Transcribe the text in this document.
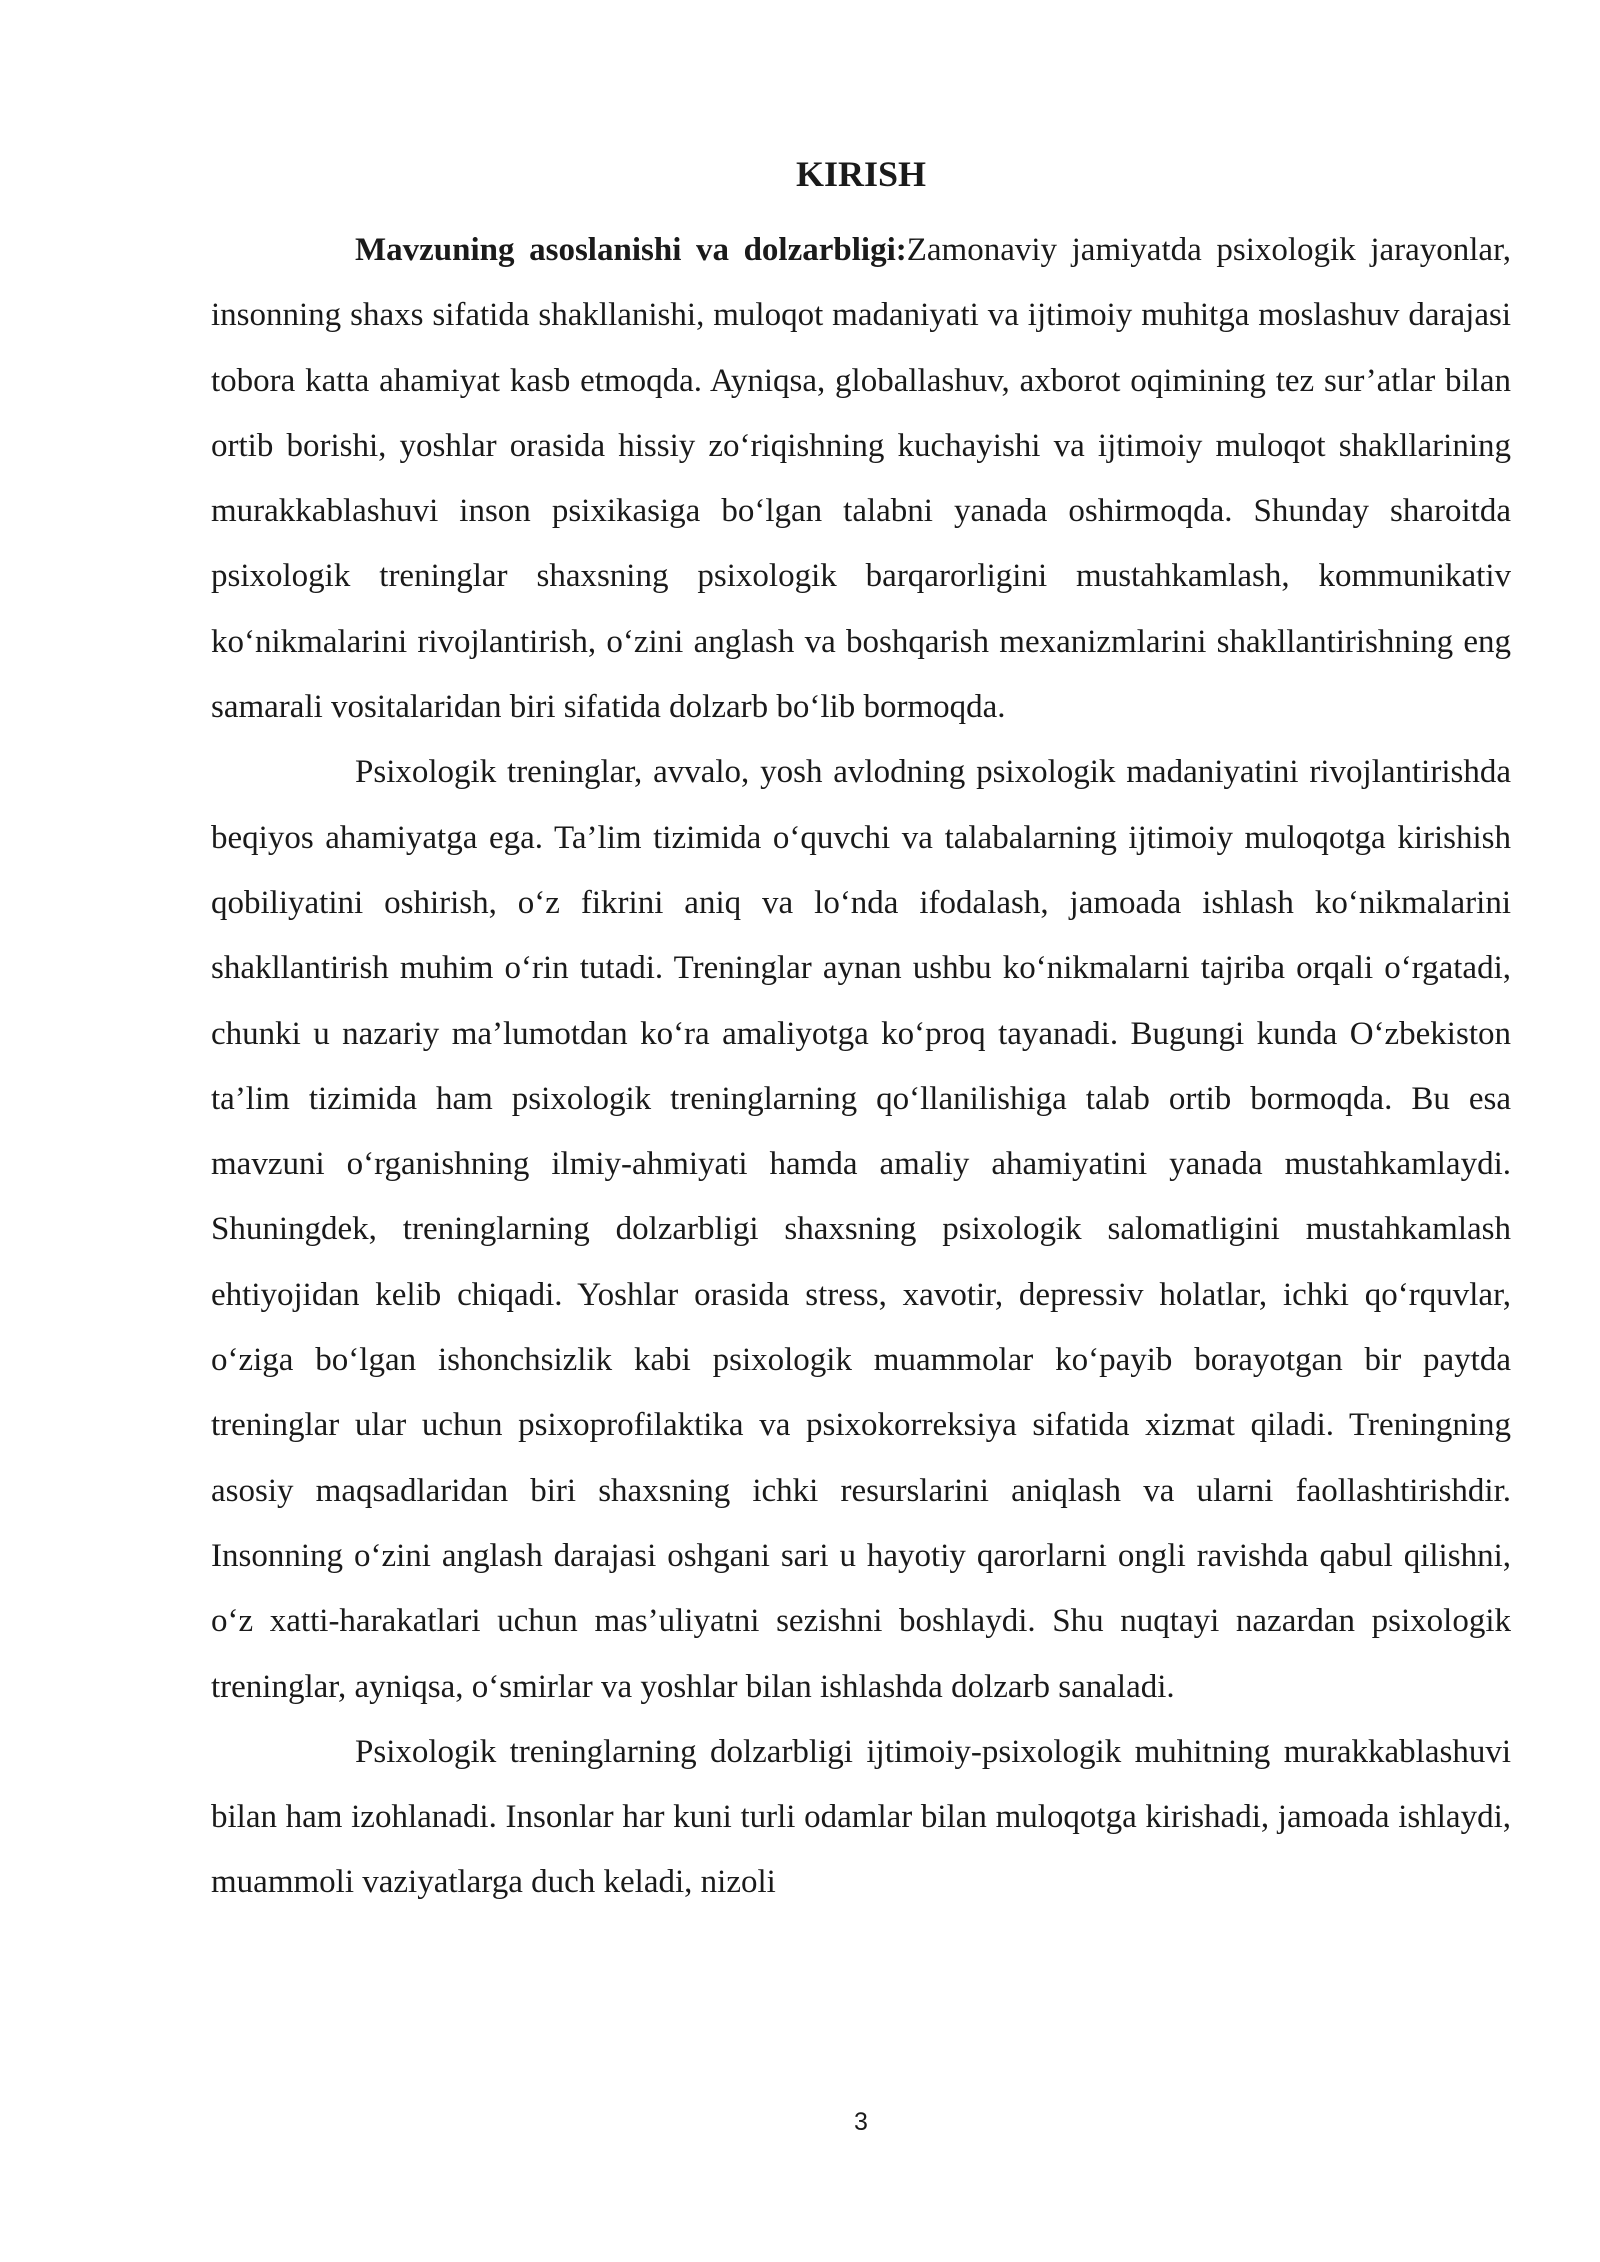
KIRISH

Mavzuning asoslanishi va dolzarbligi:Zamonaviy jamiyatda psixologik jarayonlar, insonning shaxs sifatida shakllanishi, muloqot madaniyati va ijtimoiy muhitga moslashuv darajasi tobora katta ahamiyat kasb etmoqda. Ayniqsa, globallashuv, axborot oqimining tez sur’atlar bilan ortib borishi, yoshlar orasida hissiy zo‘riqishning kuchayishi va ijtimoiy muloqot shakllarining murakkablashuvi inson psixikasiga bo‘lgan talabni yanada oshirmoqda. Shunday sharoitda psixologik treninglar shaxsning psixologik barqarorligini mustahkamlash, kommunikativ ko‘nikmalarini rivojlantirish, o‘zini anglash va boshqarish mexanizmlarini shakllantirishning eng samarali vositalaridan biri sifatida dolzarb bo‘lib bormoqda.

Psixologik treninglar, avvalo, yosh avlodning psixologik madaniyatini rivojlantirishda beqiyos ahamiyatga ega. Ta’lim tizimida o‘quvchi va talabalarning ijtimoiy muloqotga kirishish qobiliyatini oshirish, o‘z fikrini aniq va lo‘nda ifodalash, jamoada ishlash ko‘nikmalarini shakllantirish muhim o‘rin tutadi. Treninglar aynan ushbu ko‘nikmalarni tajriba orqali o‘rgatadi, chunki u nazariy ma’lumotdan ko‘ra amaliyotga ko‘proq tayanadi. Bugungi kunda O‘zbekiston ta’lim tizimida ham psixologik treninglarning qo‘llanilishiga talab ortib bormoqda. Bu esa mavzuni o‘rganishning ilmiy-ahmiyati hamda amaliy ahamiyatini yanada mustahkamlaydi. Shuningdek, treninglarning dolzarbligi shaxsning psixologik salomatligini mustahkamlash ehtiyojidan kelib chiqadi. Yoshlar orasida stress, xavotir, depressiv holatlar, ichki qo‘rquvlar, o‘ziga bo‘lgan ishonchsizlik kabi psixologik muammolar ko‘payib borayotgan bir paytda treninglar ular uchun psixoprofilaktika va psixokorreksiya sifatida xizmat qiladi. Treningning asosiy maqsadlaridan biri shaxsning ichki resurslarini aniqlash va ularni faollashtirishdir. Insonning o‘zini anglash darajasi oshgani sari u hayotiy qarorlarni ongli ravishda qabul qilishni, o‘z xatti-harakatlari uchun mas’uliyatni sezishni boshlaydi. Shu nuqtayi nazardan psixologik treninglar, ayniqsa, o‘smirlar va yoshlar bilan ishlashda dolzarb sanaladi.

Psixologik treninglarning dolzarbligi ijtimoiy-psixologik muhitning murakkablashuvi bilan ham izohlanadi. Insonlar har kuni turli odamlar bilan muloqotga kirishadi, jamoada ishlaydi, muammoli vaziyatlarga duch keladi, nizoli

3
